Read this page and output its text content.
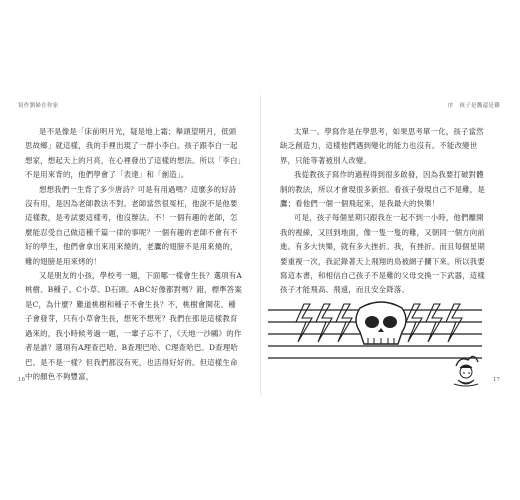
寫作劉婦在你家	序　孩子是鷹還是雞

是不是像是「床前明月光，疑是地上霜；舉頭望明月，低頭思故鄉」就這樣，我的手裡出現了一群小李白。孩子跟李白一起想家，想起天上的月亮，在心裡發出了這樣的想法。所以「李白」不是用來背的，他們學會了「表達」和「創造」。

想想我們一生背了多少唐詩？可是有用過嗎？這麼多的好詩沒有用，是因為老師教法不對。老師當然很冤枉，他說不是他要這樣教，是考試要這樣考，他沒辦法。不！一個有趣的老師，怎麼能忍受自己做這種千篇一律的事呢？一個有趣的老師不會有不好的學生，他們會拿出來用來燒的，老鷹的翅膀不是用來燒的，雞的翅膀是用來烤的！

又是朋友的小孩，學校考一題，下面哪一樣會生長？選項有A桃樹、B種子、C小草、D石頭。ABC好像都對嗎？錯，標準答案是C，為什麼？難道桃樹和種子不會生長？不，桃樹會開花、種子會發芽，只有小草會生長，想死不想死？我們在那是這樣教育過來的，我小時候考過一題，一輩子忘不了，《天地一沙鷗》的作者是誰？選項有A理查巴哈、B查理巴哈、C理查哈巴、D查理哈巴。是不是一樣？但我們都沒有死，也活得好好的。但這樣生命中的顏色不夠豐富，

太單一。學寫作是在學思考，如果思考單一化，孩子當然缺乏創造力，這樣他們遇到變化的能力也沒有。不能改變世界，只能等著被別人改變。

我從教孩子寫作的過程得到很多啟發，因為我要打破對體制的教法，所以才會現很多新招。看孩子發現自己不是雞，是鷹；看他們一個一個飛起來，是我最大的快樂！

可是，孩子每個星期只跟我在一起不到一小時，他們離開我的視線，又回到地面，像一隻一隻的雞，又朝同一個方向前進。有多大快樂，就有多大挫折。我，有挫折。而且每個星期要重複一次，我記錄著天上飛翔的鳥被網子攔下來。所以我要寫這本書，和相信自己孩子不是雞的父母交換一下武器，這樣孩子才能飛高、飛遠，而且安全降落。

16	17
